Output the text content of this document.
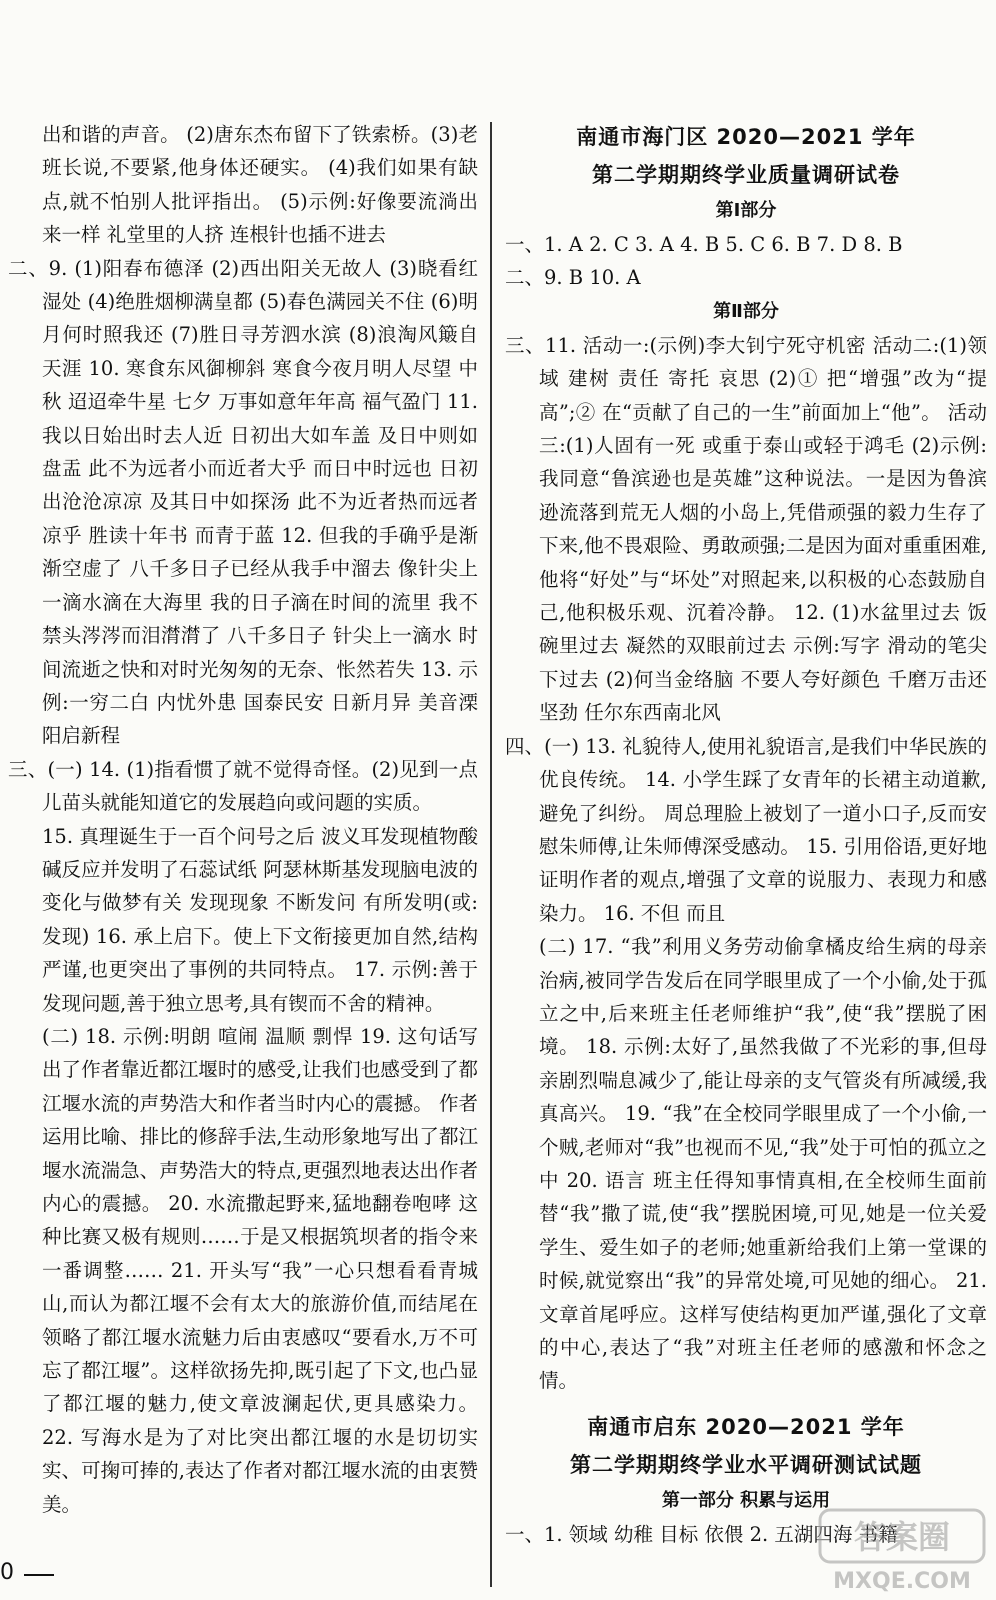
出和谐的声音。 (2)唐东杰布留下了铁索桥。(3)老班长说,不要紧,他身体还硬实。 (4)我们如果有缺点,就不怕别人批评指出。 (5)示例:好像要流淌出来一样 礼堂里的人挤 连根针也插不进去
二、9. (1)阳春布德泽 (2)西出阳关无故人 (3)晓看红湿处 (4)绝胜烟柳满皇都 (5)春色满园关不住 (6)明月何时照我还 (7)胜日寻芳泗水滨 (8)浪淘风簸自天涯 10. 寒食东风御柳斜 寒食今夜月明人尽望 中秋 迢迢牵牛星 七夕 万事如意年年高 福气盈门 11. 我以日始出时去人近 日初出大如车盖 及日中则如盘盂 此不为远者小而近者大乎 而日中时远也 日初出沧沧凉凉 及其日中如探汤 此不为近者热而远者凉乎 胜读十年书 而青于蓝 12. 但我的手确乎是渐渐空虚了 八千多日子已经从我手中溜去 像针尖上一滴水滴在大海里 我的日子滴在时间的流里 我不禁头涔涔而泪潸潸了 八千多日子 针尖上一滴水 时间流逝之快和对时光匆匆的无奈、怅然若失 13. 示例:一穷二白 内忧外患 国泰民安 日新月异 美音溧阳启新程
三、(一) 14. (1)指看惯了就不觉得奇怪。(2)见到一点儿苗头就能知道它的发展趋向或问题的实质。
15. 真理诞生于一百个问号之后 波义耳发现植物酸碱反应并发明了石蕊试纸 阿瑟林斯基发现脑电波的变化与做梦有关 发现现象 不断发问 有所发明(或:发现) 16. 承上启下。使上下文衔接更加自然,结构严谨,也更突出了事例的共同特点。 17. 示例:善于发现问题,善于独立思考,具有锲而不舍的精神。
(二) 18. 示例:明朗 喧闹 温顺 剽悍 19. 这句话写出了作者靠近都江堰时的感受,让我们也感受到了都江堰水流的声势浩大和作者当时内心的震撼。 作者运用比喻、排比的修辞手法,生动形象地写出了都江堰水流湍急、声势浩大的特点,更强烈地表达出作者内心的震撼。 20. 水流撒起野来,猛地翻卷咆哮 这种比赛又极有规则……于是又根据筑坝者的指令来一番调整…… 21. 开头写“我”一心只想看看青城山,而认为都江堰不会有太大的旅游价值,而结尾在领略了都江堰水流魅力后由衷感叹“要看水,万不可忘了都江堰”。这样欲扬先抑,既引起了下文,也凸显了都江堰的魅力,使文章波澜起伏,更具感染力。 22. 写海水是为了对比突出都江堰的水是切切实实、可掬可捧的,表达了作者对都江堰水流的由衷赞美。
南通市海门区 2020—2021 学年
第二学期期终学业质量调研试卷
第Ⅰ部分
一、1. A 2. C 3. A 4. B 5. C 6. B 7. D 8. B
二、9. B 10. A
第Ⅱ部分
三、11. 活动一:(示例)李大钊宁死守机密 活动二:(1)领域 建树 责任 寄托 哀思 (2)① 把“增强”改为“提高”;② 在“贡献了自己的一生”前面加上“他”。 活动三:(1)人固有一死 或重于泰山或轻于鸿毛 (2)示例:我同意“鲁滨逊也是英雄”这种说法。一是因为鲁滨逊流落到荒无人烟的小岛上,凭借顽强的毅力生存了下来,他不畏艰险、勇敢顽强;二是因为面对重重困难,他将“好处”与“坏处”对照起来,以积极的心态鼓励自己,他积极乐观、沉着冷静。 12. (1)水盆里过去 饭碗里过去 凝然的双眼前过去 示例:写字 滑动的笔尖下过去 (2)何当金络脑 不要人夸好颜色 千磨万击还坚劲 任尔东西南北风
四、(一) 13. 礼貌待人,使用礼貌语言,是我们中华民族的优良传统。 14. 小学生踩了女青年的长裙主动道歉,避免了纠纷。 周总理脸上被划了一道小口子,反而安慰朱师傅,让朱师傅深受感动。 15. 引用俗语,更好地证明作者的观点,增强了文章的说服力、表现力和感染力。 16. 不但 而且
(二) 17. “我”利用义务劳动偷拿橘皮给生病的母亲治病,被同学告发后在同学眼里成了一个小偷,处于孤立之中,后来班主任老师维护“我”,使“我”摆脱了困境。 18. 示例:太好了,虽然我做了不光彩的事,但母亲剧烈喘息减少了,能让母亲的支气管炎有所减缓,我真高兴。 19. “我”在全校同学眼里成了一个小偷,一个贼,老师对“我”也视而不见,“我”处于可怕的孤立之中 20. 语言 班主任得知事情真相,在全校师生面前替“我”撒了谎,使“我”摆脱困境,可见,她是一位关爱学生、爱生如子的老师;她重新给我们上第一堂课的时候,就觉察出“我”的异常处境,可见她的细心。 21. 文章首尾呼应。这样写使结构更加严谨,强化了文章的中心,表达了“我”对班主任老师的感激和怀念之情。
南通市启东 2020—2021 学年
第二学期期终学业水平调研测试试题
第一部分 积累与运用
一、1. 领域 幼稚 目标 依偎 2. 五湖四海 书籍
0
答案圈
MXQE.COM
